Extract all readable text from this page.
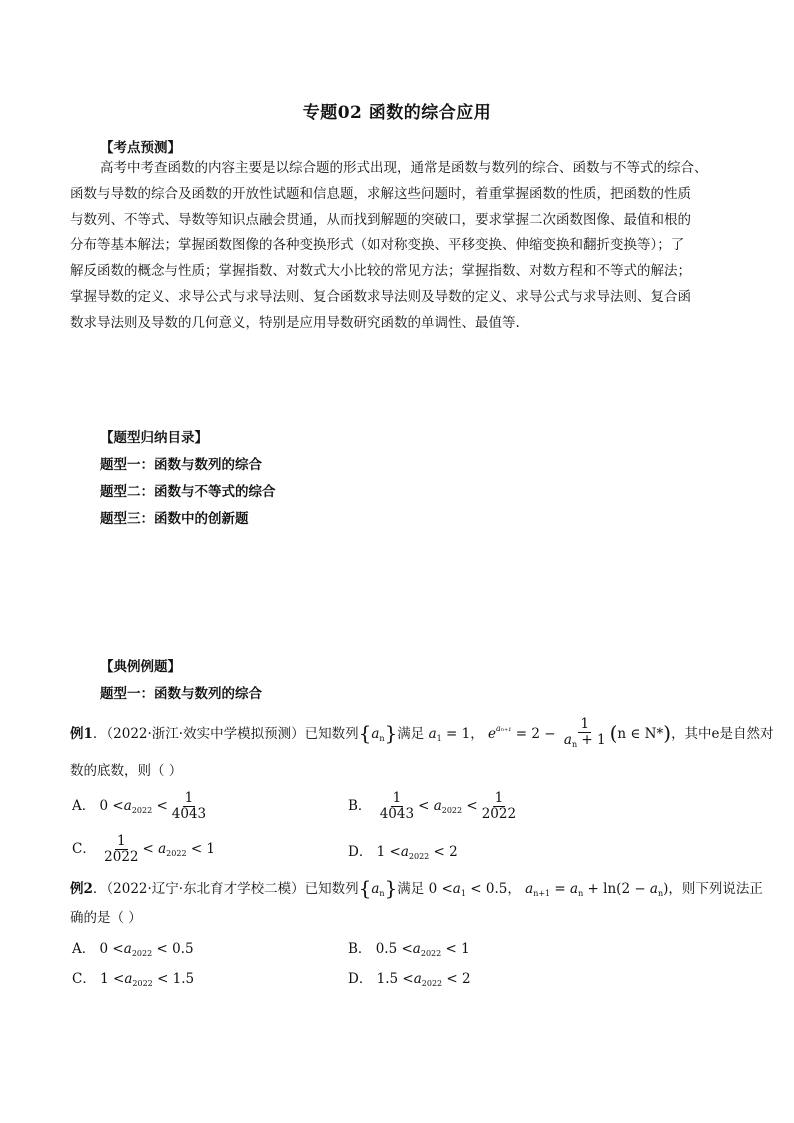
专题02 函数的综合应用
【考点预测】
高考中考查函数的内容主要是以综合题的形式出现，通常是函数与数列的综合、函数与不等式的综合、
函数与导数的综合及函数的开放性试题和信息题，求解这些问题时，着重掌握函数的性质，把函数的性质
与数列、不等式、导数等知识点融会贯通，从而找到解题的突破口，要求掌握二次函数图像、最值和根的
分布等基本解法；掌握函数图像的各种变换形式（如对称变换、平移变换、伸缩变换和翻折变换等）；了
解反函数的概念与性质；掌握指数、对数式大小比较的常见方法；掌握指数、对数方程和不等式的解法；
掌握导数的定义、求导公式与求导法则、复合函数求导法则及导数的定义、求导公式与求导法则、复合函
数求导法则及导数的几何意义，特别是应用导数研究函数的单调性、最值等.
【题型归纳目录】
题型一：函数与数列的综合
题型二：函数与不等式的综合
题型三：函数中的创新题
【典例例题】
题型一：函数与数列的综合
例1．（2022·浙江·效实中学模拟预测）已知数列$\{a_n\}$满足 $a_1 = 1$， $e^{a_{n+1}} = 2 - \frac{1}{a_n + 1} (n$ ∈ N*)，其中e是自然对
数的底数，则（ ）
A． $0 <a_{2022} < \frac{1}{4043}$	B． $\frac{1}{4043} < a_{2022} < \frac{1}{2022}$
C． $\frac{1}{2022} < a_{2022} < 1$	D． $1 <a_{2022} < 2$
例2．（2022·辽宁·东北育才学校二模）已知数列$\{a_n\}$满足 $0 <a_1 < 0.5$， $a_{n+1} = a_n + \ln(2 - a_n)$，则下列说法正
确的是（ ）
A． $0 <a_{2022} < 0.5$	B． $0.5 <a_{2022} < 1$
C． $1 <a_{2022} < 1.5$	D． $1.5 <a_{2022} < 2$
